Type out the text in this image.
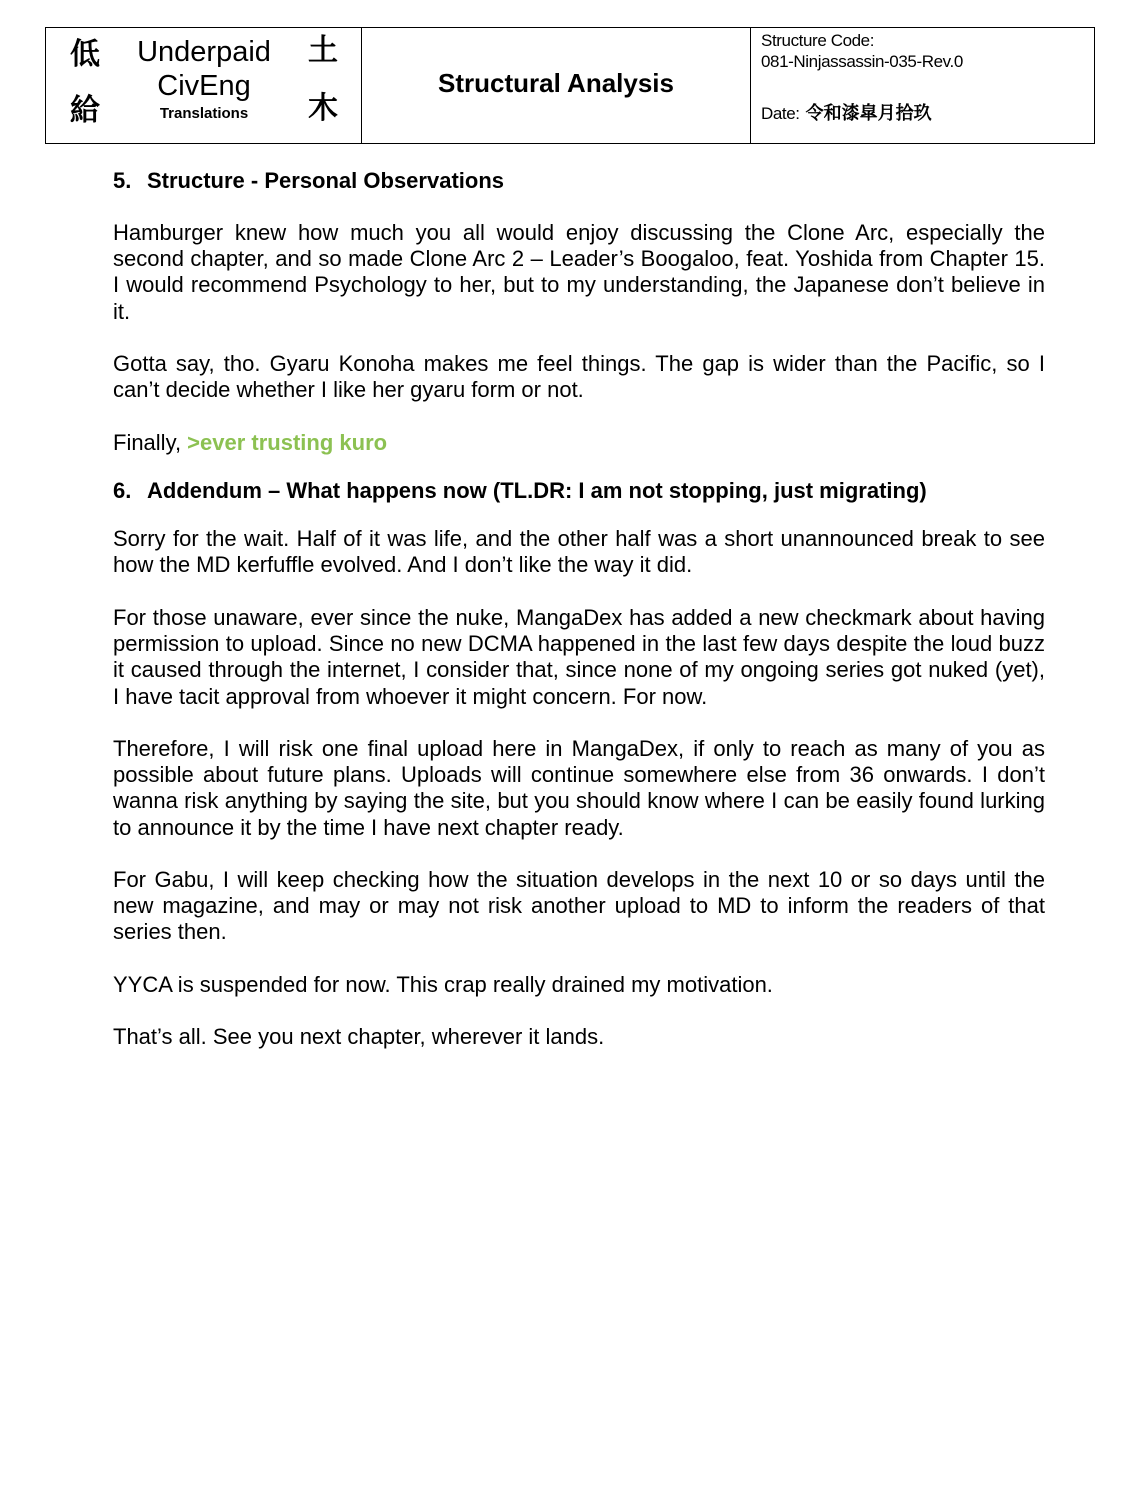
低
給
土
木
Underpaid
CivEng
Translations
Structural Analysis
Structure Code:
081-Ninjassassin-035-Rev.0
Date: 令和漆皐月拾玖
5. Structure - Personal Observations
Hamburger knew how much you all would enjoy discussing the Clone Arc, especially the second chapter, and so made Clone Arc 2 – Leader’s Boogaloo, feat. Yoshida from Chapter 15. I would recommend Psychology to her, but to my understanding, the Japanese don’t believe in it.
Gotta say, tho. Gyaru Konoha makes me feel things. The gap is wider than the Pacific, so I can’t decide whether I like her gyaru form or not.
Finally, >ever trusting kuro
6. Addendum – What happens now (TL.DR: I am not stopping, just migrating)
Sorry for the wait. Half of it was life, and the other half was a short unannounced break to see how the MD kerfuffle evolved. And I don’t like the way it did.
For those unaware, ever since the nuke, MangaDex has added a new checkmark about having permission to upload. Since no new DCMA happened in the last few days despite the loud buzz it caused through the internet, I consider that, since none of my ongoing series got nuked (yet), I have tacit approval from whoever it might concern. For now.
Therefore, I will risk one final upload here in MangaDex, if only to reach as many of you as possible about future plans. Uploads will continue somewhere else from 36 onwards. I don’t wanna risk anything by saying the site, but you should know where I can be easily found lurking to announce it by the time I have next chapter ready.
For Gabu, I will keep checking how the situation develops in the next 10 or so days until the new magazine, and may or may not risk another upload to MD to inform the readers of that series then.
YYCA is suspended for now. This crap really drained my motivation.
That’s all. See you next chapter, wherever it lands.
